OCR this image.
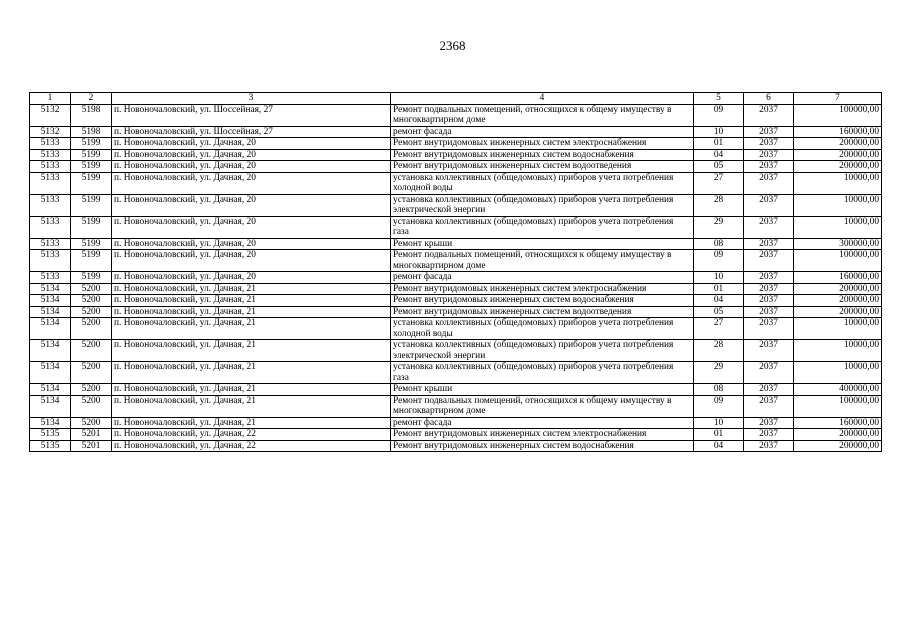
2368
1	2	3	4	5	6	7
5132	5198	п. Новоночаловский, ул. Шоссейная, 27	Ремонт подвальных помещений, относящихся к общему имуществу в многоквартирном доме	09	2037	100000,00
5132	5198	п. Новоночаловский, ул. Шоссейная, 27	ремонт фасада	10	2037	160000,00
5133	5199	п. Новоночаловский, ул. Дачная, 20	Ремонт внутридомовых инженерных систем электроснабжения	01	2037	200000,00
5133	5199	п. Новоночаловский, ул. Дачная, 20	Ремонт внутридомовых инженерных систем водоснабжения	04	2037	200000,00
5133	5199	п. Новоночаловский, ул. Дачная, 20	Ремонт внутридомовых инженерных систем водоотведения	05	2037	200000,00
5133	5199	п. Новоночаловский, ул. Дачная, 20	установка коллективных (общедомовых) приборов учета потребления холодной воды	27	2037	10000,00
5133	5199	п. Новоночаловский, ул. Дачная, 20	установка коллективных (общедомовых) приборов учета потребления электрической энергии	28	2037	10000,00
5133	5199	п. Новоночаловский, ул. Дачная, 20	установка коллективных (общедомовых) приборов учета потребления газа	29	2037	10000,00
5133	5199	п. Новоночаловский, ул. Дачная, 20	Ремонт крыши	08	2037	300000,00
5133	5199	п. Новоночаловский, ул. Дачная, 20	Ремонт подвальных помещений, относящихся к общему имуществу в многоквартирном доме	09	2037	100000,00
5133	5199	п. Новоночаловский, ул. Дачная, 20	ремонт фасада	10	2037	160000,00
5134	5200	п. Новоночаловский, ул. Дачная, 21	Ремонт внутридомовых инженерных систем электроснабжения	01	2037	200000,00
5134	5200	п. Новоночаловский, ул. Дачная, 21	Ремонт внутридомовых инженерных систем водоснабжения	04	2037	200000,00
5134	5200	п. Новоночаловский, ул. Дачная, 21	Ремонт внутридомовых инженерных систем водоотведения	05	2037	200000,00
5134	5200	п. Новоночаловский, ул. Дачная, 21	установка коллективных (общедомовых) приборов учета потребления холодной воды	27	2037	10000,00
5134	5200	п. Новоночаловский, ул. Дачная, 21	установка коллективных (общедомовых) приборов учета потребления электрической энергии	28	2037	10000,00
5134	5200	п. Новоночаловский, ул. Дачная, 21	установка коллективных (общедомовых) приборов учета потребления газа	29	2037	10000,00
5134	5200	п. Новоночаловский, ул. Дачная, 21	Ремонт крыши	08	2037	400000,00
5134	5200	п. Новоночаловский, ул. Дачная, 21	Ремонт подвальных помещений, относящихся к общему имуществу в многоквартирном доме	09	2037	100000,00
5134	5200	п. Новоночаловский, ул. Дачная, 21	ремонт фасада	10	2037	160000,00
5135	5201	п. Новоночаловский, ул. Дачная, 22	Ремонт внутридомовых инженерных систем электроснабжения	01	2037	200000,00
5135	5201	п. Новоночаловский, ул. Дачная, 22	Ремонт внутридомовых инженерных систем водоснабжения	04	2037	200000,00
